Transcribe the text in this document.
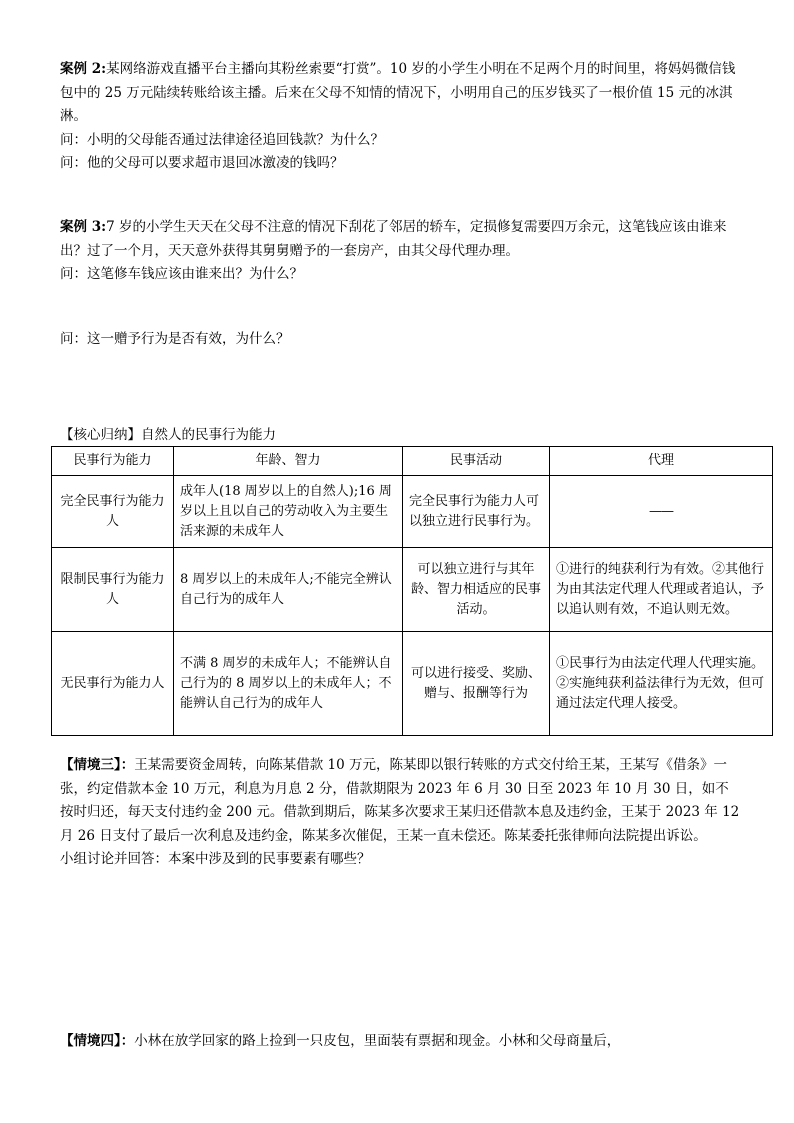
案例 2:某网络游戏直播平台主播向其粉丝索要“打赏”。10 岁的小学生小明在不足两个月的时间里，将妈妈微信钱包中的 25 万元陆续转账给该主播。后来在父母不知情的情况下，小明用自己的压岁钱买了一根价值 15 元的冰淇淋。

问：小明的父母能否通过法律途径追回钱款？为什么？

问：他的父母可以要求超市退回冰激凌的钱吗？

案例 3:7 岁的小学生天天在父母不注意的情况下刮花了邻居的轿车，定损修复需要四万余元，这笔钱应该由谁来出？过了一个月，天天意外获得其舅舅赠予的一套房产，由其父母代理办理。

问：这笔修车钱应该由谁来出？为什么？

问：这一赠予行为是否有效，为什么？

【核心归纳】自然人的民事行为能力
民事行为能力	年龄、智力	民事活动	代理
完全民事行为能力人	成年人(18 周岁以上的自然人);16 周岁以上且以自己的劳动收入为主要生活来源的未成年人	完全民事行为能力人可以独立进行民事行为。	——
限制民事行为能力人	8 周岁以上的未成年人;不能完全辨认自己行为的成年人	可以独立进行与其年龄、智力相适应的民事活动。	①进行的纯获利行为有效。②其他行为由其法定代理人代理或者追认，予以追认则有效，不追认则无效。
无民事行为能力人	不满 8 周岁的未成年人；不能辨认自己行为的 8 周岁以上的未成年人；不能辨认自己行为的成年人	可以进行接受、奖励、赠与、报酬等行为	①民事行为由法定代理人代理实施。②实施纯获利益法律行为无效，但可通过法定代理人接受。

【情境三】：王某需要资金周转，向陈某借款 10 万元，陈某即以银行转账的方式交付给王某，王某写《借条》一张，约定借款本金 10 万元，利息为月息 2 分，借款期限为 2023 年 6 月 30 日至 2023 年 10 月 30 日，如不按时归还，每天支付违约金 200 元。借款到期后，陈某多次要求王某归还借款本息及违约金，王某于 2023 年 12 月 26 日支付了最后一次利息及违约金，陈某多次催促，王某一直未偿还。陈某委托张律师向法院提出诉讼。

小组讨论并回答：本案中涉及到的民事要素有哪些？

【情境四】：小林在放学回家的路上捡到一只皮包，里面装有票据和现金。小林和父母商量后，
